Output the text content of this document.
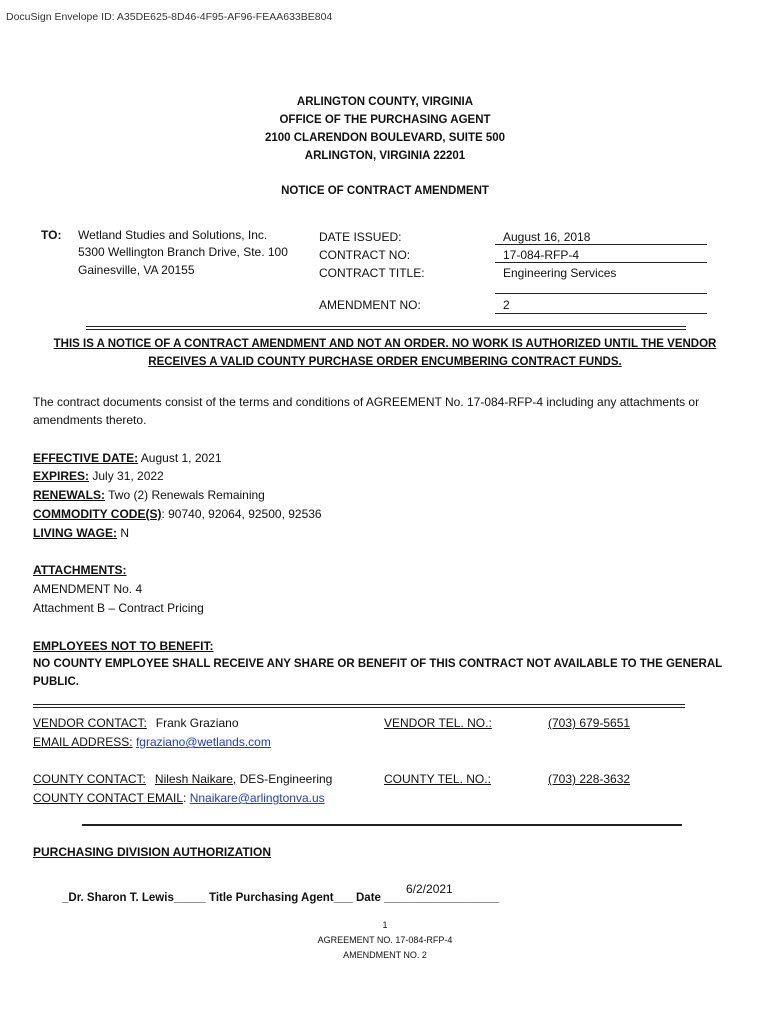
DocuSign Envelope ID: A35DE625-8D46-4F95-AF96-FEAA633BE804
ARLINGTON COUNTY, VIRGINIA
OFFICE OF THE PURCHASING AGENT
2100 CLARENDON BOULEVARD, SUITE 500
ARLINGTON, VIRGINIA 22201
NOTICE OF CONTRACT AMENDMENT
TO: Wetland Studies and Solutions, Inc.
5300 Wellington Branch Drive, Ste. 100
Gainesville, VA 20155
DATE ISSUED:	August 16, 2018
CONTRACT NO:	17-084-RFP-4
CONTRACT TITLE:	Engineering Services
AMENDMENT NO:	2
THIS IS A NOTICE OF A CONTRACT AMENDMENT AND NOT AN ORDER. NO WORK IS AUTHORIZED UNTIL THE VENDOR
RECEIVES A VALID COUNTY PURCHASE ORDER ENCUMBERING CONTRACT FUNDS.
The contract documents consist of the terms and conditions of AGREEMENT No. 17-084-RFP-4 including any attachments or
amendments thereto.
EFFECTIVE DATE: August 1, 2021
EXPIRES: July 31, 2022
RENEWALS: Two (2) Renewals Remaining
COMMODITY CODE(S): 90740, 92064, 92500, 92536
LIVING WAGE: N
ATTACHMENTS:
AMENDMENT No. 4
Attachment B – Contract Pricing
EMPLOYEES NOT TO BENEFIT:
NO COUNTY EMPLOYEE SHALL RECEIVE ANY SHARE OR BENEFIT OF THIS CONTRACT NOT AVAILABLE TO THE GENERAL
PUBLIC.
VENDOR CONTACT: Frank Graziano	VENDOR TEL. NO.:	(703) 679-5651
EMAIL ADDRESS: fgraziano@wetlands.com
COUNTY CONTACT: Nilesh Naikare, DES-Engineering	COUNTY TEL. NO.:	(703) 228-3632
COUNTY CONTACT EMAIL: Nnaikare@arlingtonva.us
PURCHASING DIVISION AUTHORIZATION
6/2/2021
_Dr. Sharon T. Lewis_____ Title Purchasing Agent___ Date __________________
1
AGREEMENT NO. 17-084-RFP-4
AMENDMENT NO. 2
